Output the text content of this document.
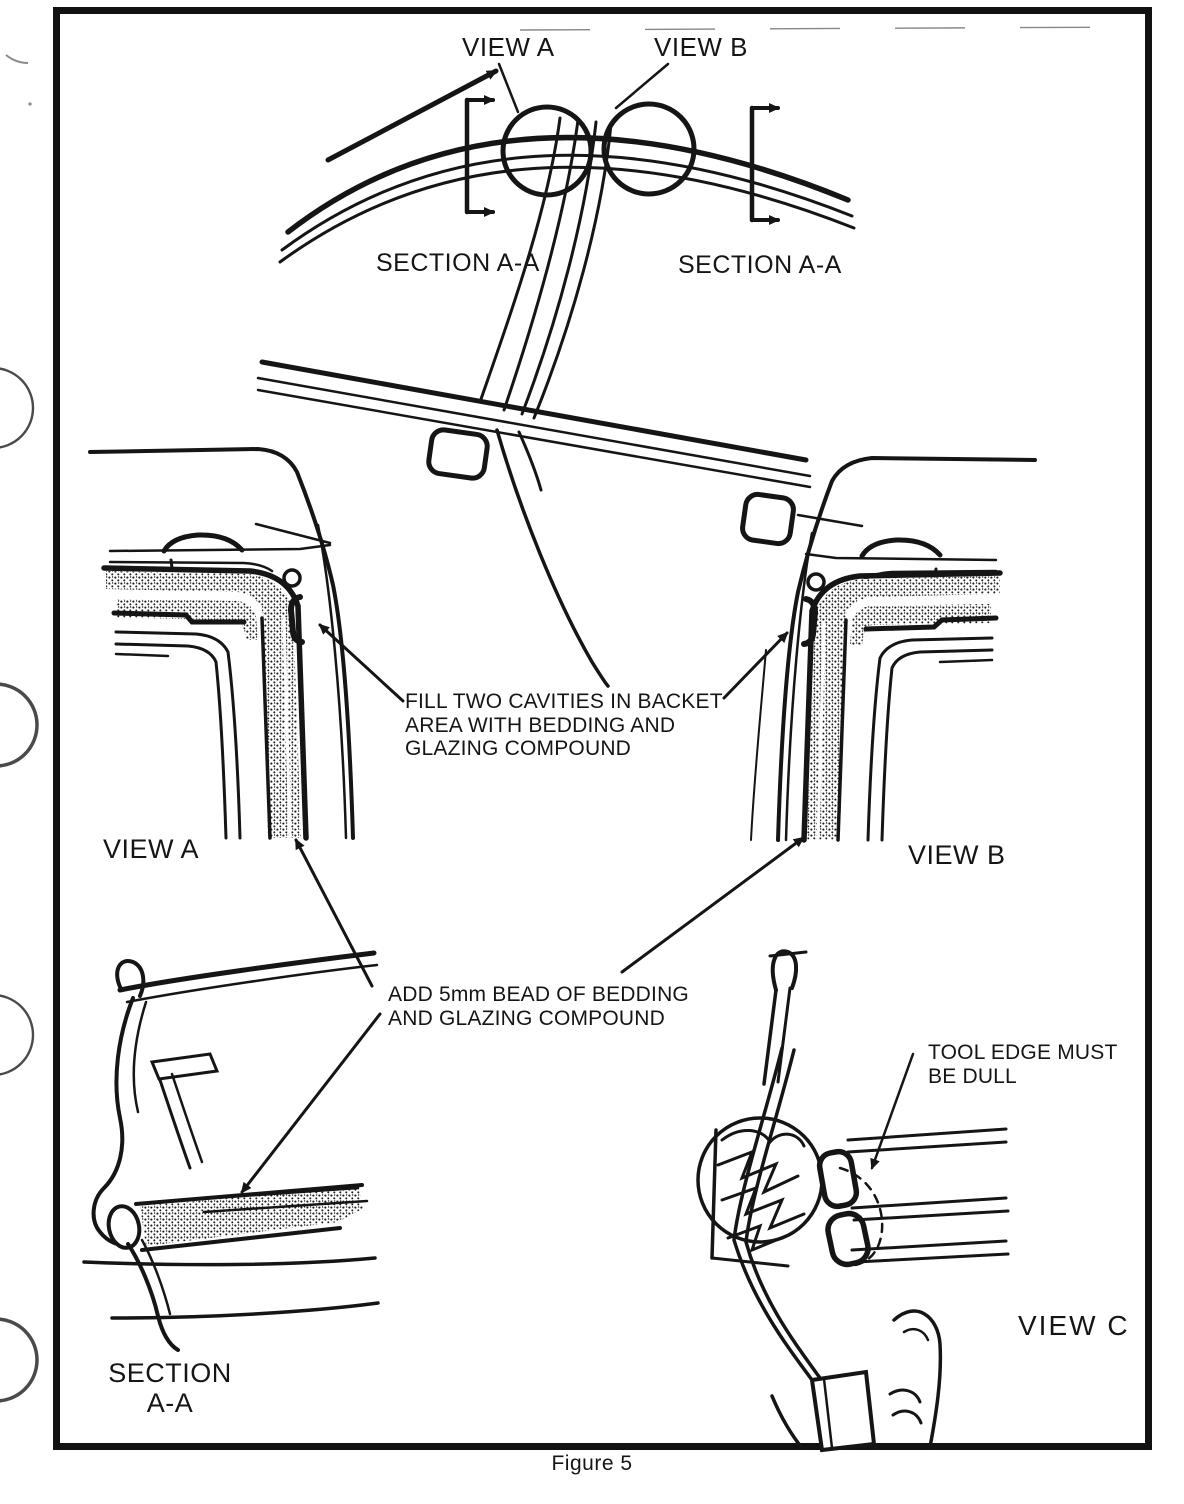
VIEW A	VIEW B
SECTION A-A	SECTION A-A
FILL TWO CAVITIES IN BACKET
AREA WITH BEDDING AND
GLAZING COMPOUND
VIEW A	VIEW B
ADD 5mm BEAD OF BEDDING
AND GLAZING COMPOUND
TOOL EDGE MUST
BE DULL
VIEW C
SECTION
A-A
Figure 5
